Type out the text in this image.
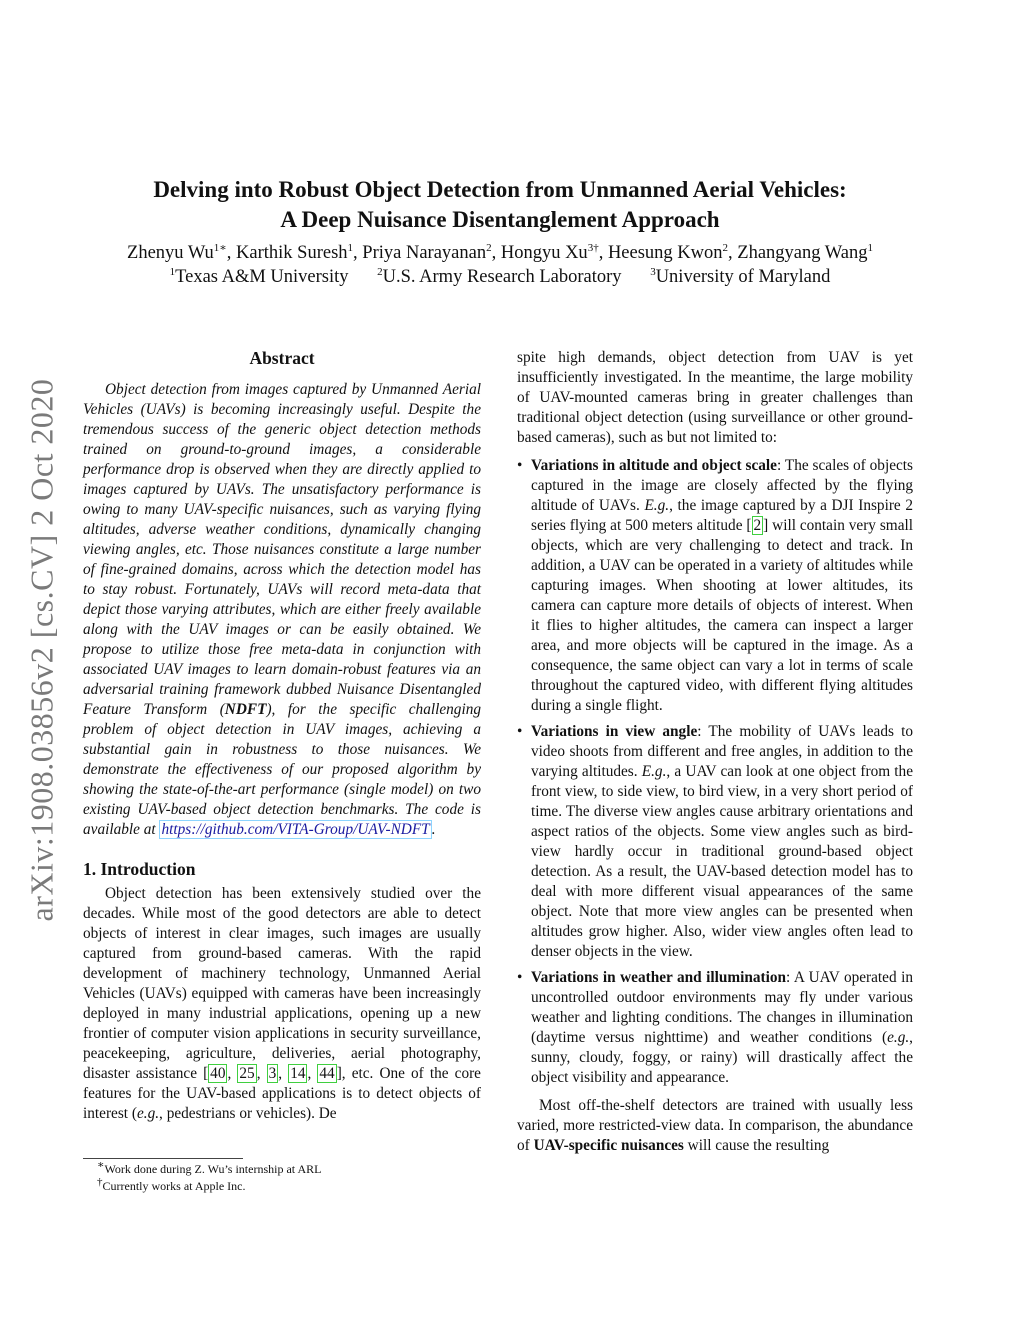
arXiv:1908.03856v2 [cs.CV] 2 Oct 2020
Delving into Robust Object Detection from Unmanned Aerial Vehicles:
A Deep Nuisance Disentanglement Approach
Zhenyu $Wu^{1∗}$, Karthik Suresh$^1$, Priya Narayanan$^2$, Hongyu $Xu^{3\dagger}$, Heesung Kwon$^2$, Zhangyang Wang$^1$
$^1$Texas A&M University	$^2$U.S. Army Research Laboratory	$^3$University of Maryland
Abstract

Object detection from images captured by Unmanned Aerial Vehicles (UAVs) is becoming increasingly useful. Despite the tremendous success of the generic object detection methods trained on ground-to-ground images, a considerable performance drop is observed when they are directly applied to images captured by UAVs. The unsatisfactory performance is owing to many UAV-specific nuisances, such as varying flying altitudes, adverse weather conditions, dynamically changing viewing angles, etc. Those nuisances constitute a large number of fine-grained domains, across which the detection model has to stay robust. Fortunately, UAVs will record meta-data that depict those varying attributes, which are either freely available along with the UAV images or can be easily obtained. We propose to utilize those free meta-data in conjunction with associated UAV images to learn domain-robust features via an adversarial training framework dubbed Nuisance Disentangled Feature Transform (NDFT), for the specific challenging problem of object detection in UAV images, achieving a substantial gain in robustness to those nuisances. We demonstrate the effectiveness of our proposed algorithm by showing the state-of-the-art performance (single model) on two existing UAV-based object detection benchmarks. The code is available at https://github.com/VITA-Group/UAV-NDFT .

1. Introduction

Object detection has been extensively studied over the decades. While most of the good detectors are able to detect objects of interest in clear images, such images are usually captured from ground-based cameras. With the rapid development of machinery technology, Unmanned Aerial Vehicles (UAVs) equipped with cameras have been increasingly deployed in many industrial applications, opening up a new frontier of computer vision applications in security surveillance, peacekeeping, agriculture, deliveries, aerial photography, disaster assistance [ 40 , 25 , 3 , 14 , 44 ], etc. One of the core features for the UAV-based applications is to detect objects of interest (e.g., pedestrians or vehicles). De

spite high demands, object detection from UAV is yet insufficiently investigated. In the meantime, the large mobility of UAV-mounted cameras bring in greater challenges than traditional object detection (using surveillance or other ground-based cameras), such as but not limited to:

• Variations in altitude and object scale: The scales of objects captured in the image are closely affected by the flying altitude of UAVs. E.g., the image captured by a DJI Inspire 2 series flying at 500 meters altitude [ 2 ] will contain very small objects, which are very challenging to detect and track. In addition, a UAV can be operated in a variety of altitudes while capturing images. When shooting at lower altitudes, its camera can capture more details of objects of interest. When it flies to higher altitudes, the camera can inspect a larger area, and more objects will be captured in the image. As a consequence, the same object can vary a lot in terms of scale throughout the captured video, with different flying altitudes during a single flight.

• Variations in view angle: The mobility of UAVs leads to video shoots from different and free angles, in addition to the varying altitudes. E.g., a UAV can look at one object from the front view, to side view, to bird view, in a very short period of time. The diverse view angles cause arbitrary orientations and aspect ratios of the objects. Some view angles such as bird-view hardly occur in traditional ground-based object detection. As a result, the UAV-based detection model has to deal with more different visual appearances of the same object. Note that more view angles can be presented when altitudes grow higher. Also, wider view angles often lead to denser objects in the view.

• Variations in weather and illumination: A UAV operated in uncontrolled outdoor environments may fly under various weather and lighting conditions. The changes in illumination (daytime versus nighttime) and weather conditions (e.g., sunny, cloudy, foggy, or rainy) will drastically affect the object visibility and appearance.

Most off-the-shelf detectors are trained with usually less varied, more restricted-view data. In comparison, the abundance of UAV-specific nuisances will cause the resulting

∗Work done during Z. Wu’s internship at ARL
†Currently works at Apple Inc.
